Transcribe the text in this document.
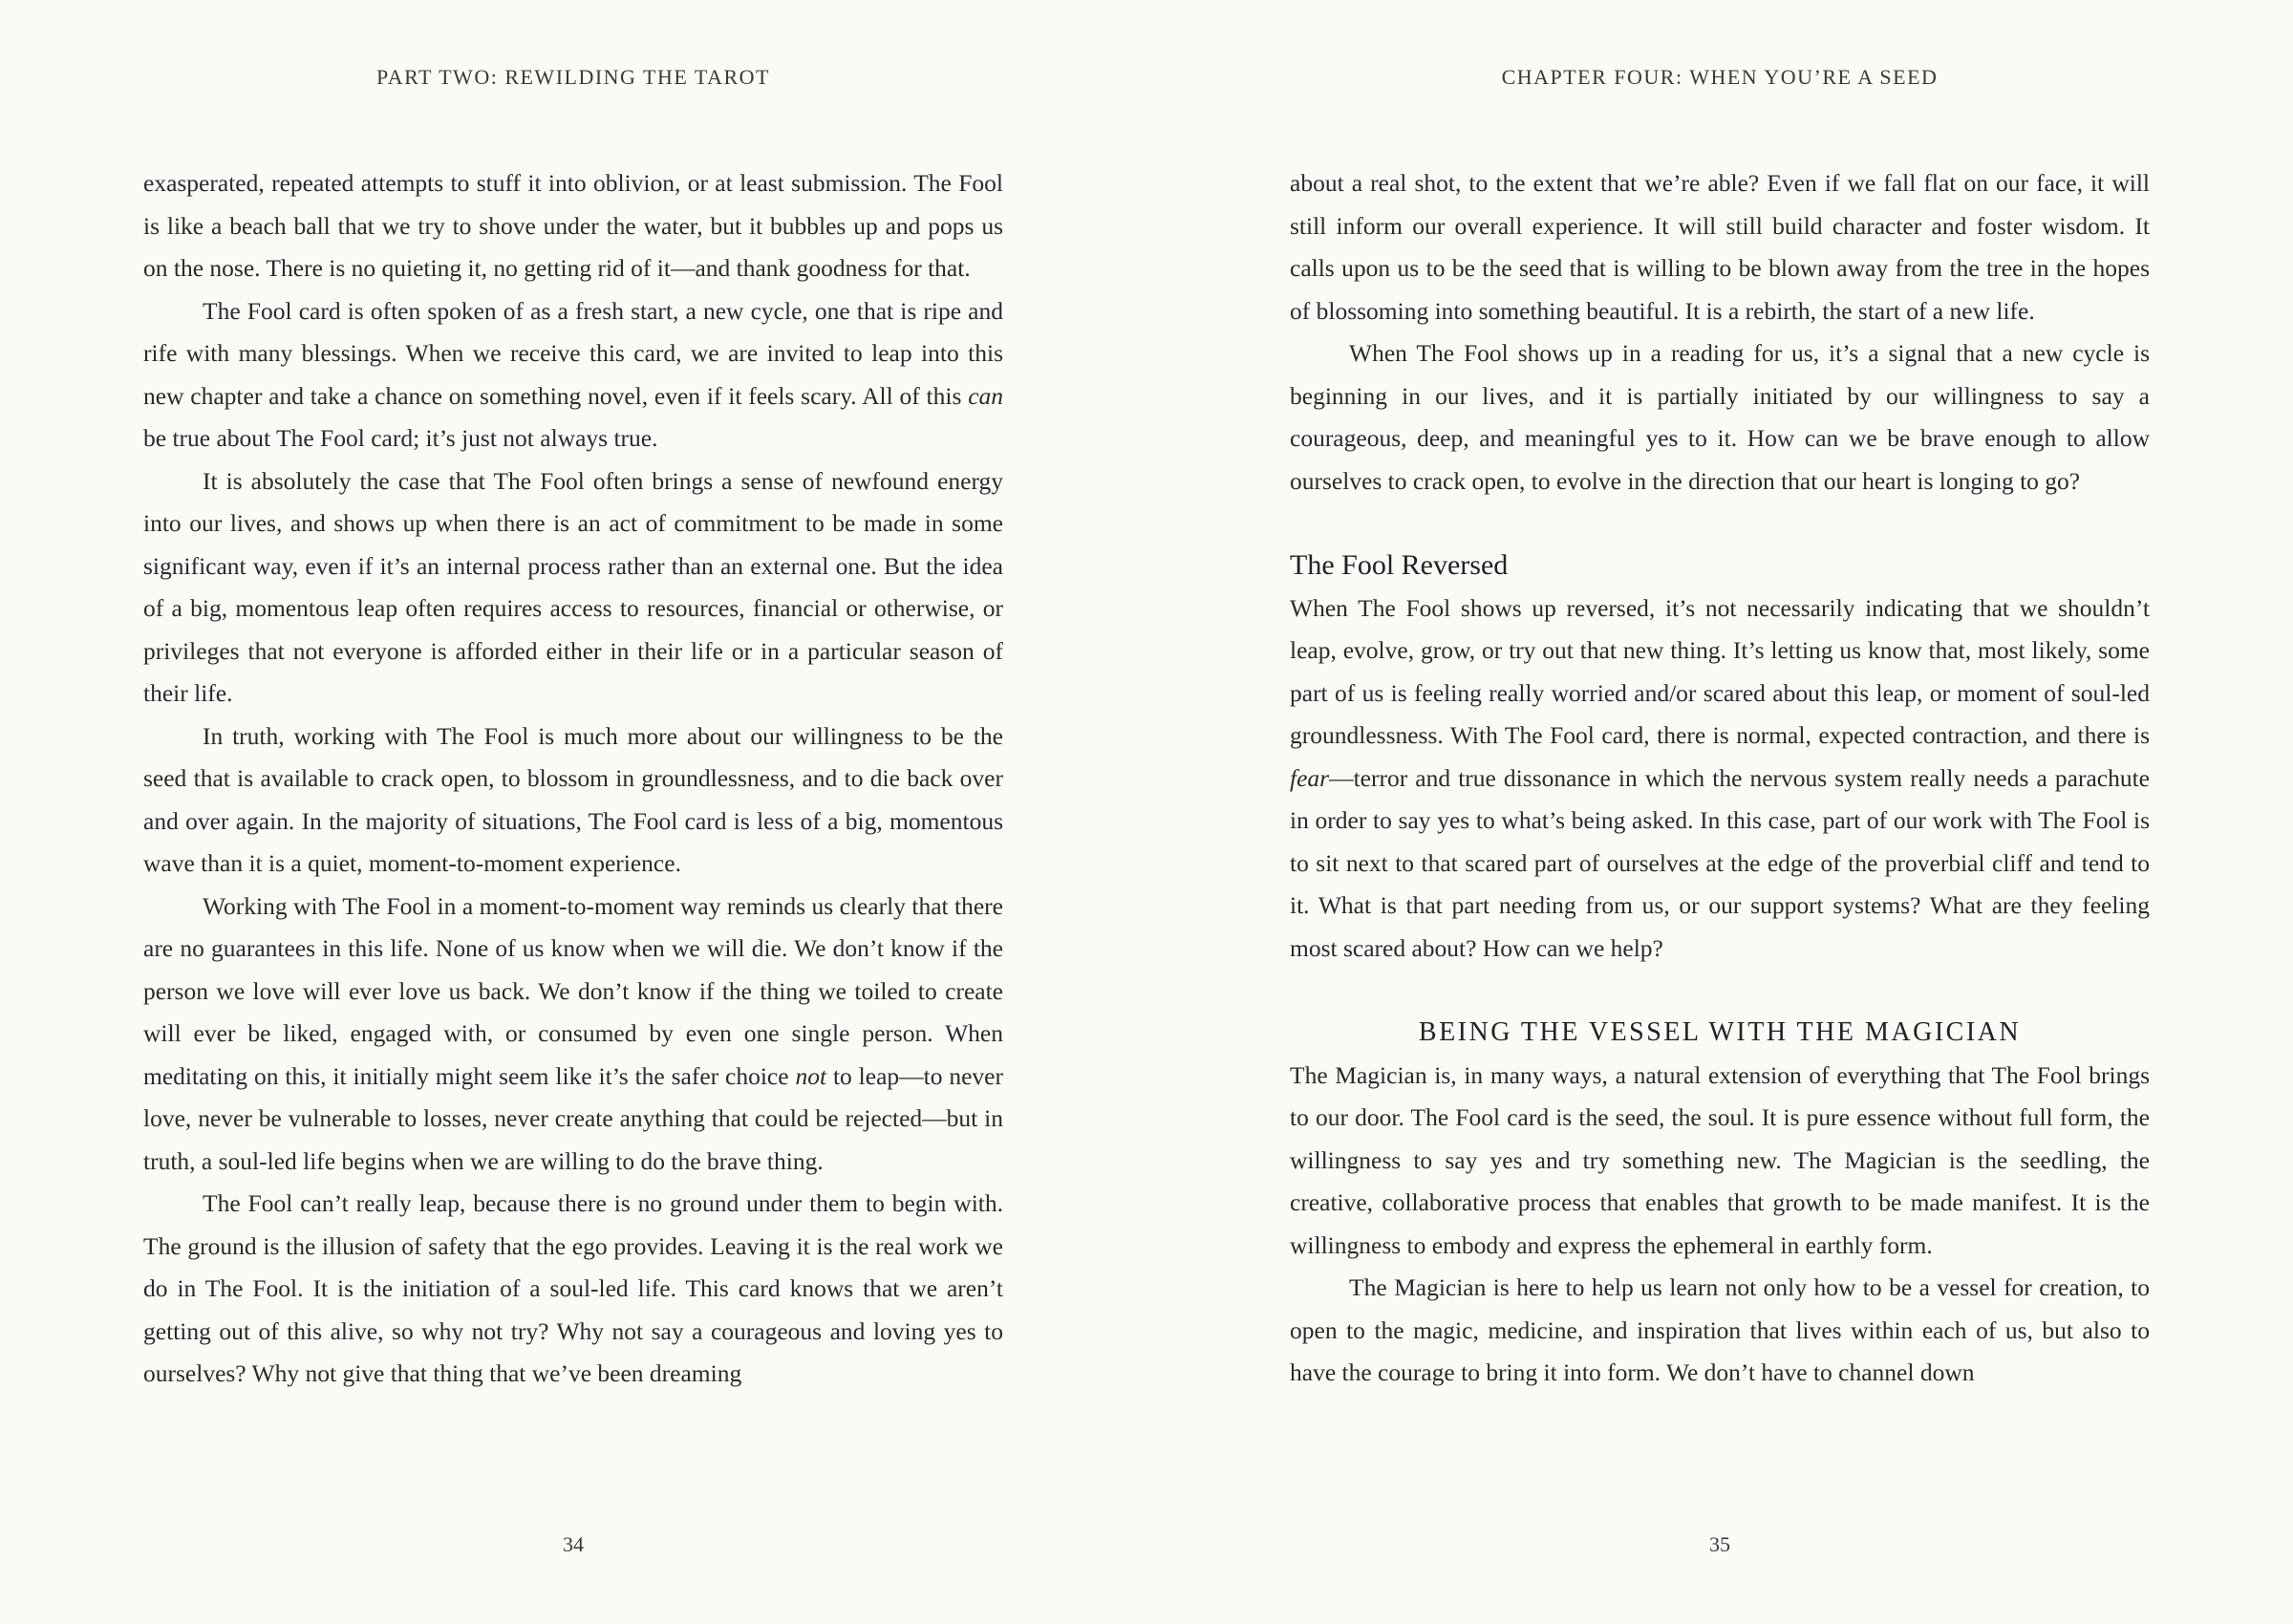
PART TWO: REWILDING THE TAROT

exasperated, repeated attempts to stuff it into oblivion, or at least submission. The Fool is like a beach ball that we try to shove under the water, but it bubbles up and pops us on the nose. There is no quieting it, no getting rid of it—and thank goodness for that.

The Fool card is often spoken of as a fresh start, a new cycle, one that is ripe and rife with many blessings. When we receive this card, we are invited to leap into this new chapter and take a chance on something novel, even if it feels scary. All of this can be true about The Fool card; it’s just not always true.

It is absolutely the case that The Fool often brings a sense of newfound energy into our lives, and shows up when there is an act of commitment to be made in some significant way, even if it’s an internal process rather than an external one. But the idea of a big, momentous leap often requires access to resources, financial or otherwise, or privileges that not everyone is afforded either in their life or in a particular season of their life.

In truth, working with The Fool is much more about our willingness to be the seed that is available to crack open, to blossom in groundlessness, and to die back over and over again. In the majority of situations, The Fool card is less of a big, momentous wave than it is a quiet, moment-to-moment experience.

Working with The Fool in a moment-to-moment way reminds us clearly that there are no guarantees in this life. None of us know when we will die. We don’t know if the person we love will ever love us back. We don’t know if the thing we toiled to create will ever be liked, engaged with, or consumed by even one single person. When meditating on this, it initially might seem like it’s the safer choice not to leap—to never love, never be vulnerable to losses, never create anything that could be rejected—but in truth, a soul-led life begins when we are willing to do the brave thing.

The Fool can’t really leap, because there is no ground under them to begin with. The ground is the illusion of safety that the ego provides. Leaving it is the real work we do in The Fool. It is the initiation of a soul-led life. This card knows that we aren’t getting out of this alive, so why not try? Why not say a courageous and loving yes to ourselves? Why not give that thing that we’ve been dreaming

34
CHAPTER FOUR: WHEN YOU’RE A SEED

about a real shot, to the extent that we’re able? Even if we fall flat on our face, it will still inform our overall experience. It will still build character and foster wisdom. It calls upon us to be the seed that is willing to be blown away from the tree in the hopes of blossoming into something beautiful. It is a rebirth, the start of a new life.

When The Fool shows up in a reading for us, it’s a signal that a new cycle is beginning in our lives, and it is partially initiated by our willingness to say a courageous, deep, and meaningful yes to it. How can we be brave enough to allow ourselves to crack open, to evolve in the direction that our heart is longing to go?

The Fool Reversed

When The Fool shows up reversed, it’s not necessarily indicating that we shouldn’t leap, evolve, grow, or try out that new thing. It’s letting us know that, most likely, some part of us is feeling really worried and/or scared about this leap, or moment of soul-led groundlessness. With The Fool card, there is normal, expected contraction, and there is fear—terror and true dissonance in which the nervous system really needs a parachute in order to say yes to what’s being asked. In this case, part of our work with The Fool is to sit next to that scared part of ourselves at the edge of the proverbial cliff and tend to it. What is that part needing from us, or our support systems? What are they feeling most scared about? How can we help?

BEING THE VESSEL WITH THE MAGICIAN

The Magician is, in many ways, a natural extension of everything that The Fool brings to our door. The Fool card is the seed, the soul. It is pure essence without full form, the willingness to say yes and try something new. The Magician is the seedling, the creative, collaborative process that enables that growth to be made manifest. It is the willingness to embody and express the ephemeral in earthly form.

The Magician is here to help us learn not only how to be a vessel for creation, to open to the magic, medicine, and inspiration that lives within each of us, but also to have the courage to bring it into form. We don’t have to channel down

35
